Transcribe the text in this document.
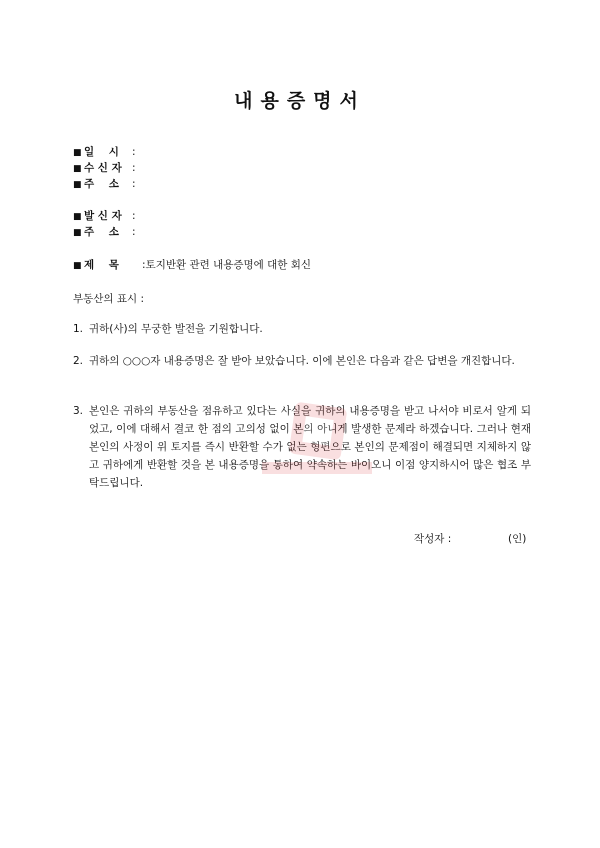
내용증명서
■ 일    시 :
■ 수 신 자 :
■ 주    소 :
■ 발 신 자 :
■ 주    소 :
■ 제    목 :토지반환 관련 내용증명에 대한 회신
부동산의 표시 :
1. 귀하(사)의 무궁한 발전을 기원합니다.
2. 귀하의 ○○○자 내용증명은 잘 받아 보았습니다. 이에 본인은 다음과 같은 답변을 개진합니다.
3. 본인은 귀하의 부동산을 점유하고 있다는 사실을 귀하의 내용증명을 받고 나서야 비로서 알게 되었고, 이에 대해서 결코 한 점의 고의성 없이 본의 아니게 발생한 문제라 하겠습니다. 그러나 현재 본인의 사정이 위 토지를 즉시 반환할 수가 없는 형편으로 본인의 문제점이 해결되면 지체하지 않고 귀하에게 반환할 것을 본 내용증명을 통하여 약속하는 바이오니 이점 양지하시어 많은 협조 부탁드립니다.
작성자 :	(인)
